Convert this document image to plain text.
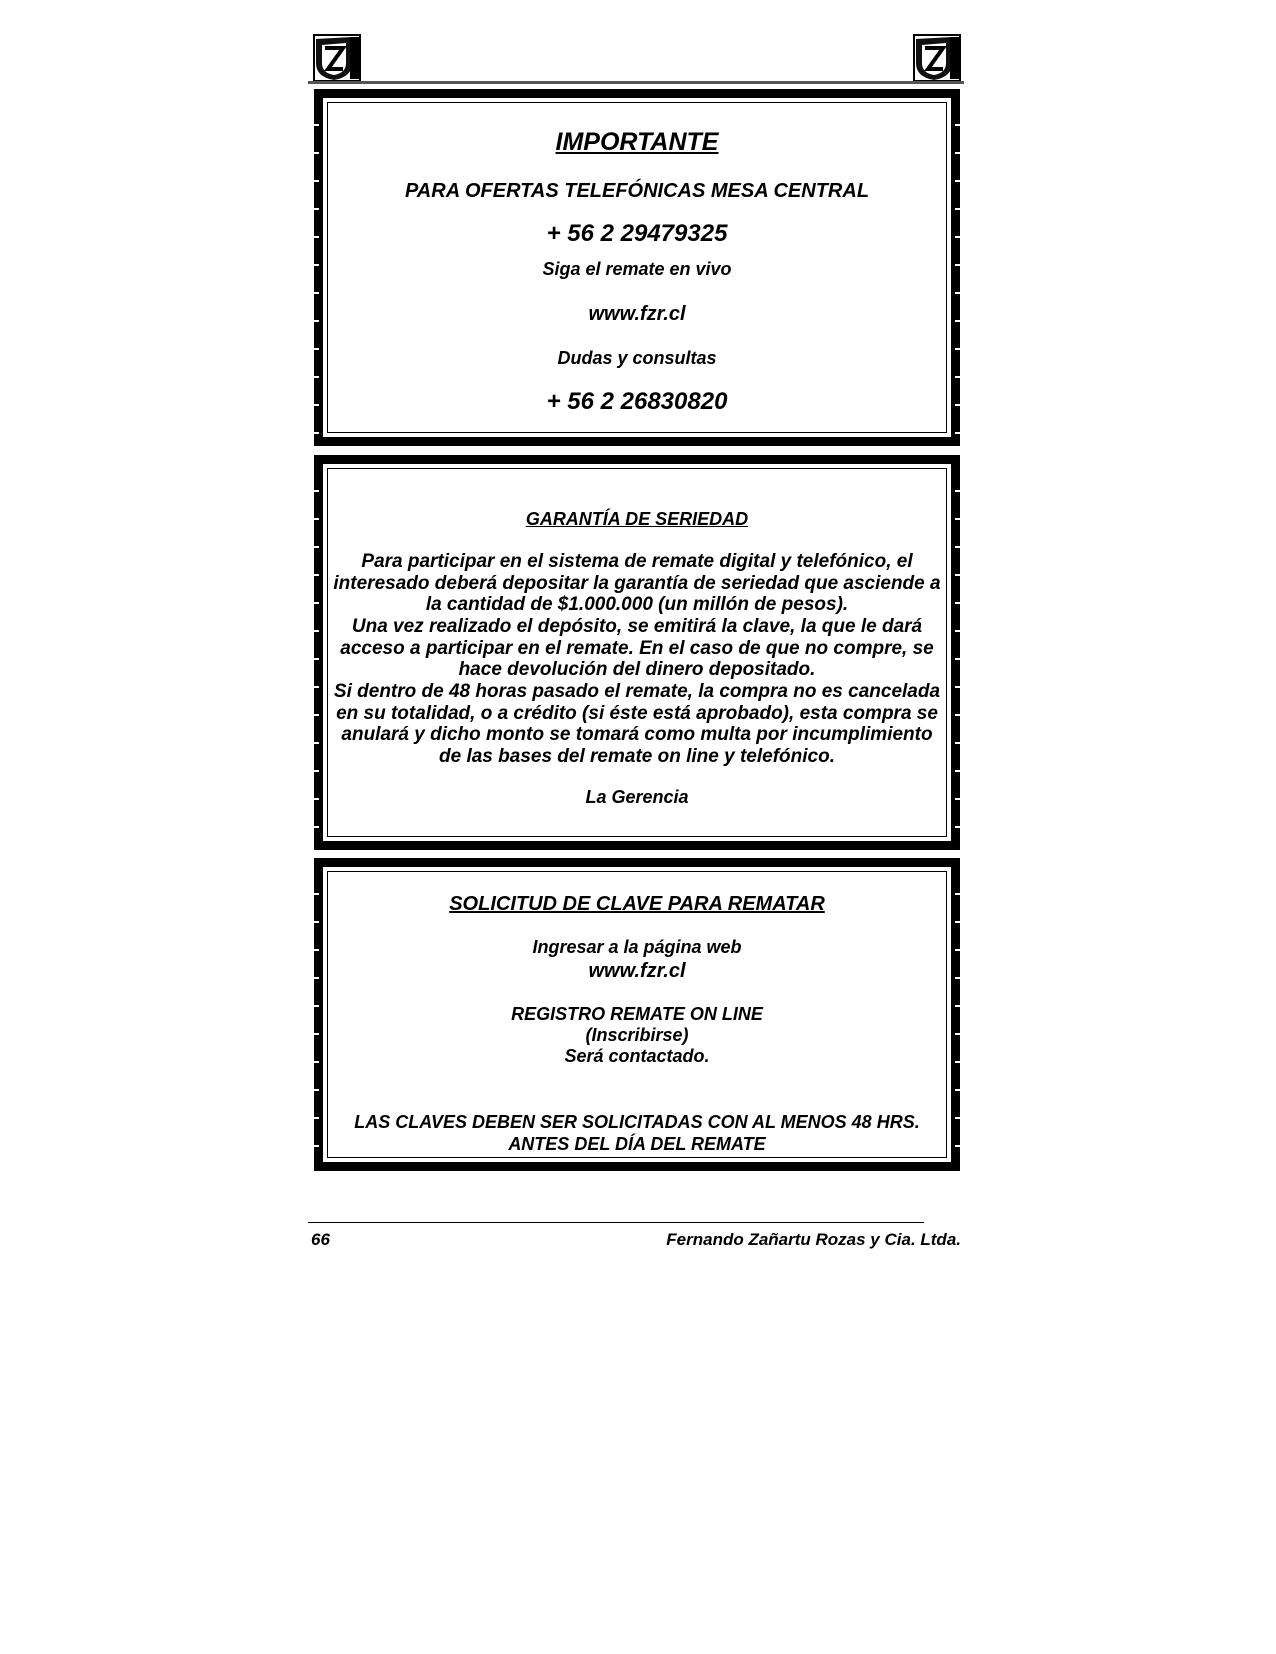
IMPORTANTE
PARA OFERTAS TELEFÓNICAS MESA CENTRAL
+ 56 2 29479325
Siga el remate en vivo
www.fzr.cl
Dudas y consultas
+ 56 2 26830820
GARANTÍA DE SERIEDAD
Para participar en el sistema de remate digital y telefónico, el interesado deberá depositar la garantía de seriedad que asciende a la cantidad de $1.000.000 (un millón de pesos).
Una vez realizado el depósito, se emitirá la clave, la que le dará acceso a participar en el remate. En el caso de que no compre, se hace devolución del dinero depositado.
Si dentro de 48 horas pasado el remate, la compra no es cancelada en su totalidad, o a crédito (si éste está aprobado), esta compra se anulará y dicho monto se tomará como multa por incumplimiento de las bases del remate on line y telefónico.
La Gerencia
SOLICITUD DE CLAVE PARA REMATAR
Ingresar a la página web
www.fzr.cl
REGISTRO REMATE ON LINE
(Inscribirse)
Será contactado.
LAS CLAVES DEBEN SER SOLICITADAS CON AL MENOS 48 HRS.
ANTES DEL DÍA DEL REMATE
66	Fernando Zañartu Rozas y Cia. Ltda.
